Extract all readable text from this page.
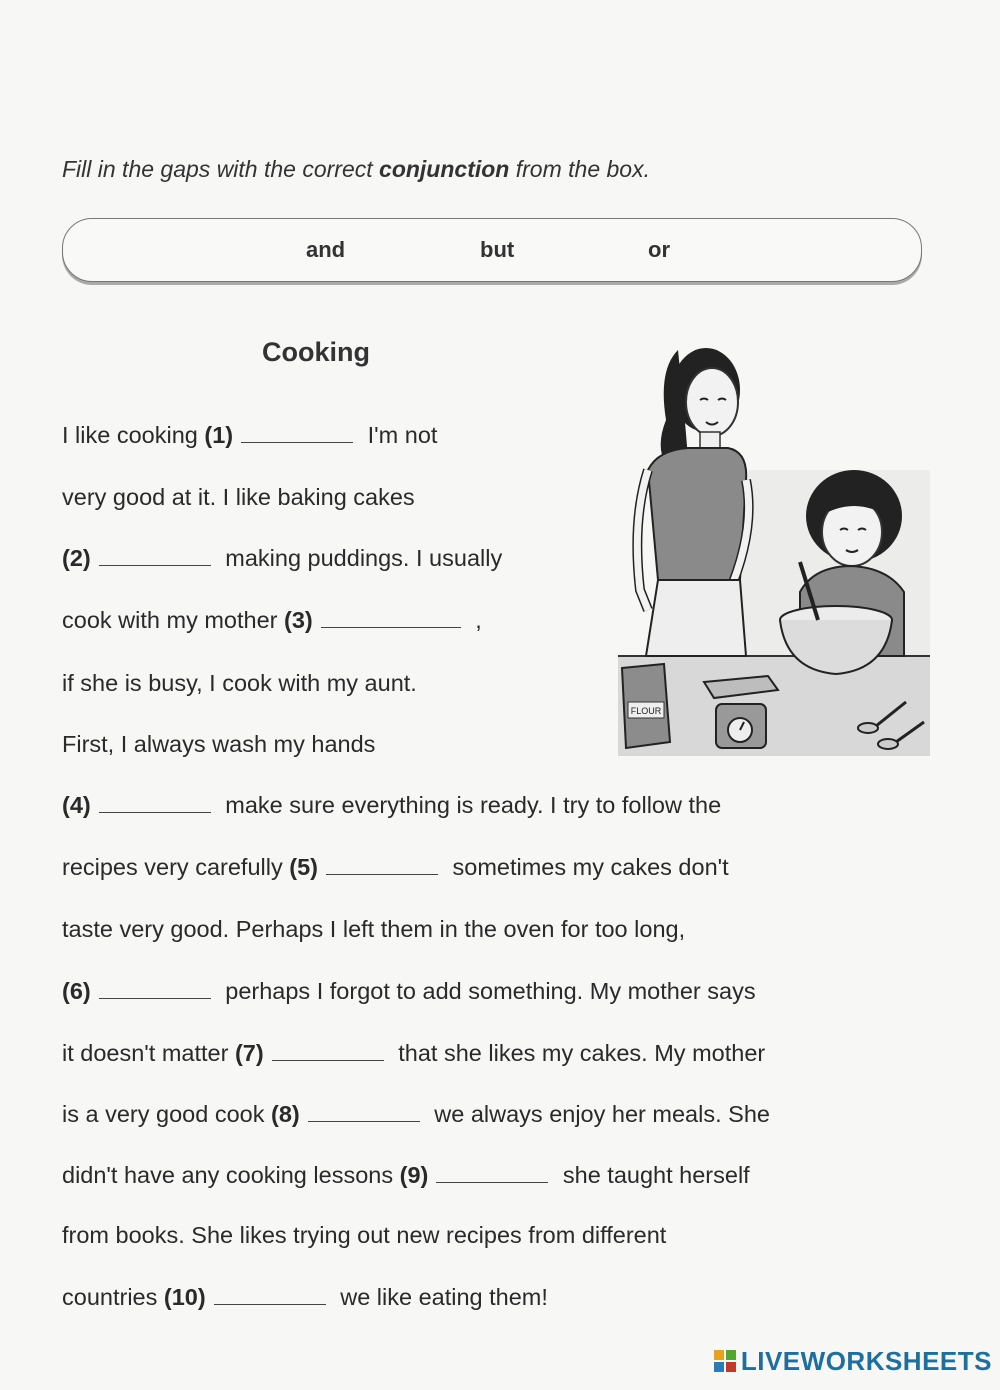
Fill in the gaps with the correct conjunction from the box.
and	but	or
Cooking
I like cooking (1)	I'm not
very good at it. I like baking cakes
(2)	making puddings. I usually
cook with my mother (3)	,
if she is busy, I cook with my aunt.
First, I always wash my hands
(4)	make sure everything is ready. I try to follow the
recipes very carefully (5)	sometimes my cakes don't
taste very good. Perhaps I left them in the oven for too long,
(6)	perhaps I forgot to add something. My mother says
it doesn't matter (7)	that she likes my cakes. My mother
is a very good cook (8)	we always enjoy her meals. She
didn't have any cooking lessons (9)	she taught herself
from books. She likes trying out new recipes from different
countries (10)	we like eating them!
FLOUR
LIVEWORKSHEETS
